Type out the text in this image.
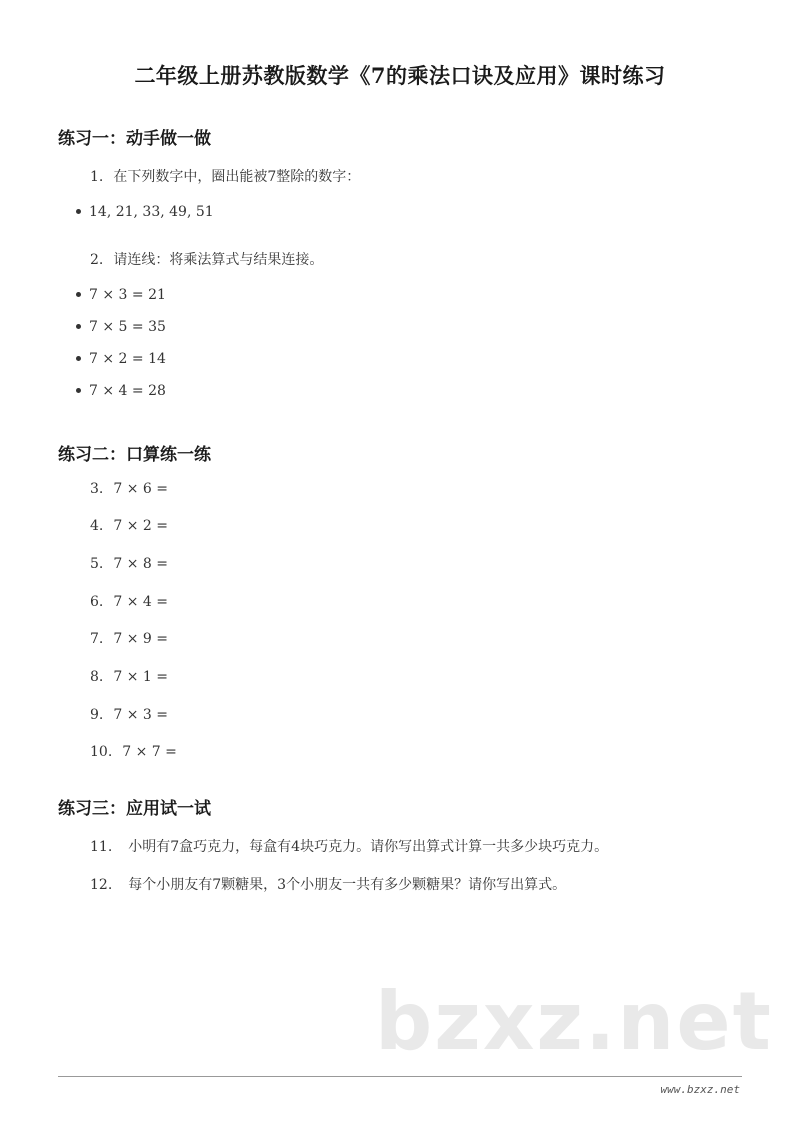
二年级上册苏教版数学《7的乘法口诀及应用》课时练习
练习一：动手做一做
1. 在下列数字中，圈出能被7整除的数字：
14, 21, 33, 49, 51
2. 请连线：将乘法算式与结果连接。
7 × 3 = 21
7 × 5 = 35
7 × 2 = 14
7 × 4 = 28
练习二：口算练一练
3. 7 × 6 =
4. 7 × 2 =
5. 7 × 8 =
6. 7 × 4 =
7. 7 × 9 =
8. 7 × 1 =
9. 7 × 3 =
10. 7 × 7 =
练习三：应用试一试
11. 小明有7盒巧克力，每盒有4块巧克力。请你写出算式计算一共多少块巧克力。
12. 每个小朋友有7颗糖果，3个小朋友一共有多少颗糖果？请你写出算式。
bzxz.net
www.bzxz.net
